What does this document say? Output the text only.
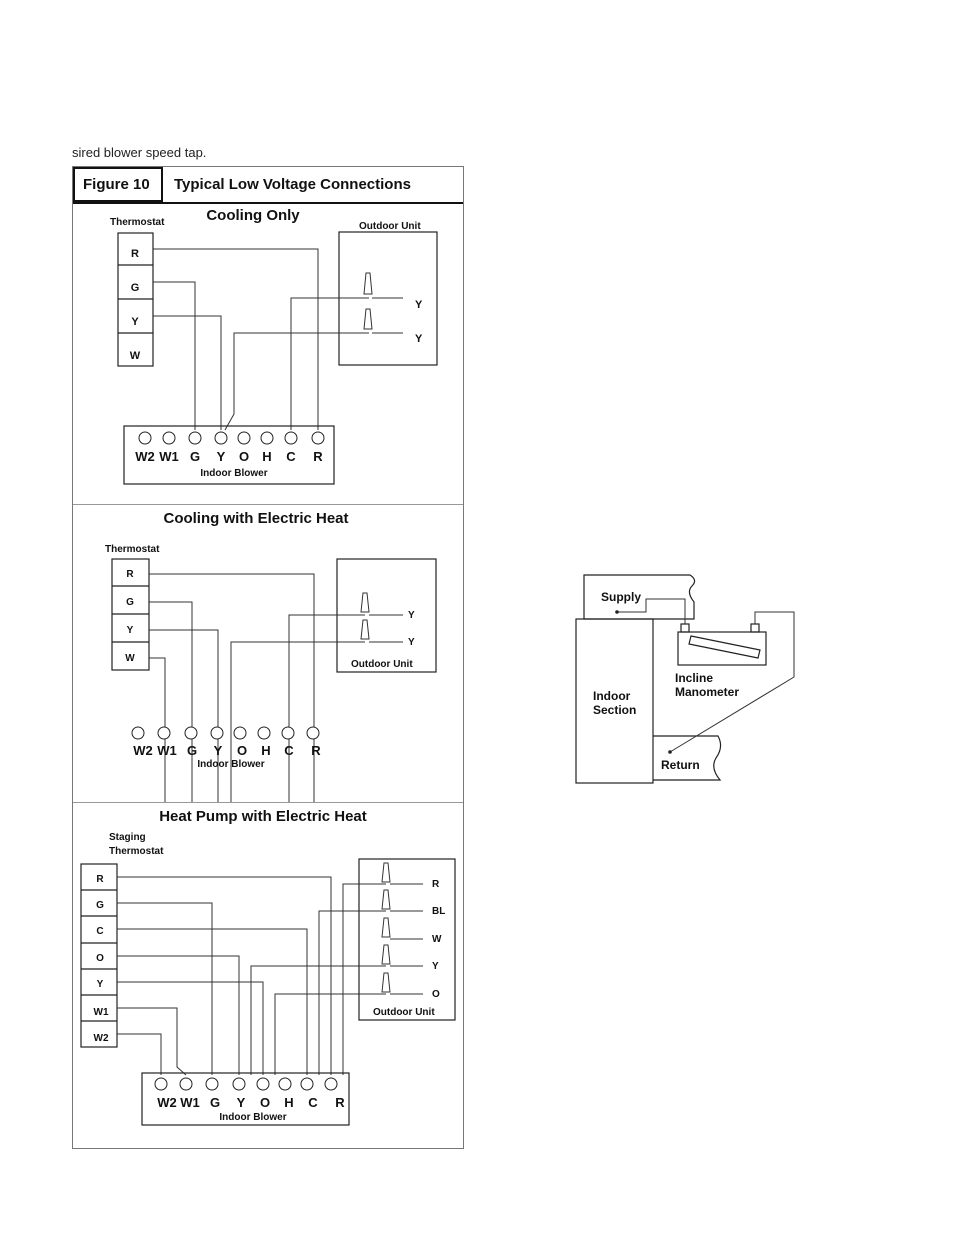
sired blower speed tap.
Figure 10	Typical Low Voltage Connections
Cooling Only
Thermostat
R
G
Y
W
Outdoor Unit
Y
Y
W2 W1 G Y O H C R
Indoor Blower
Cooling with Electric Heat
Thermostat
R
G
Y
W
Outdoor Unit
Y
Y
Heat Pump with Electric Heat
Staging
Thermostat
R
G
C
O
Y
W1
W2
Outdoor Unit
R
BL
W
Y
O
W2 W1 G Y O H C R
Indoor Blower
W2 W1 G Y O H C R
Indoor Blower
Supply
Incline
Manometer
Indoor
Section
Return
